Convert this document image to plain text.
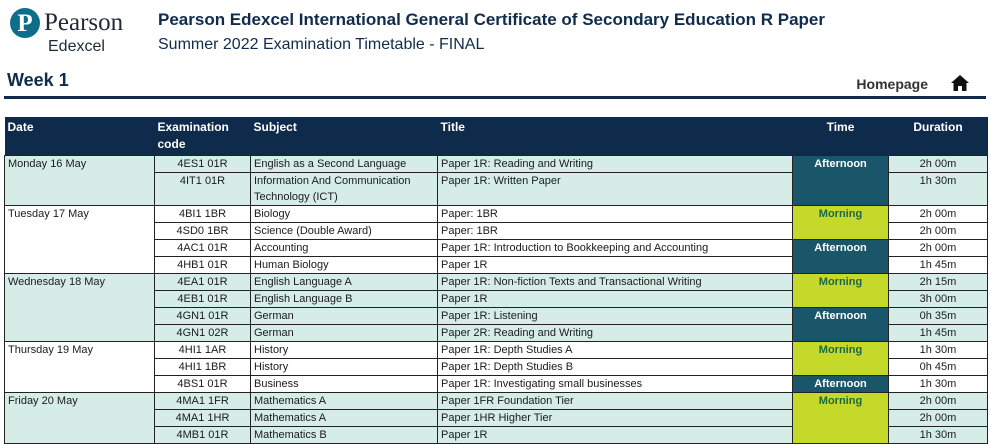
P Pearson
Edexcel
Pearson Edexcel International General Certificate of Secondary Education R Paper
Summer 2022 Examination Timetable - FINAL
Week 1	Homepage
Date	Examination code	Subject	Title	Time	Duration
Monday 16 May	4ES1 01R	English as a Second Language	Paper 1R: Reading and Writing	Afternoon	2h 00m
	4IT1 01R	Information And Communication Technology (ICT)	Paper 1R: Written Paper		1h 30m
Tuesday 17 May	4BI1 1BR	Biology	Paper: 1BR	Morning	2h 00m
	4SD0 1BR	Science (Double Award)	Paper: 1BR		2h 00m
	4AC1 01R	Accounting	Paper 1R: Introduction to Bookkeeping and Accounting	Afternoon	2h 00m
	4HB1 01R	Human Biology	Paper 1R		1h 45m
Wednesday 18 May	4EA1 01R	English Language A	Paper 1R: Non-fiction Texts and Transactional Writing	Morning	2h 15m
	4EB1 01R	English Language B	Paper 1R		3h 00m
	4GN1 01R	German	Paper 1R: Listening	Afternoon	0h 35m
	4GN1 02R	German	Paper 2R: Reading and Writing		1h 45m
Thursday 19 May	4HI1 1AR	History	Paper 1R: Depth Studies A	Morning	1h 30m
	4HI1 1BR	History	Paper 1R: Depth Studies B		0h 45m
	4BS1 01R	Business	Paper 1R: Investigating small businesses	Afternoon	1h 30m
Friday 20 May	4MA1 1FR	Mathematics A	Paper 1FR Foundation Tier	Morning	2h 00m
	4MA1 1HR	Mathematics A	Paper 1HR Higher Tier		2h 00m
	4MB1 01R	Mathematics B	Paper 1R		1h 30m
